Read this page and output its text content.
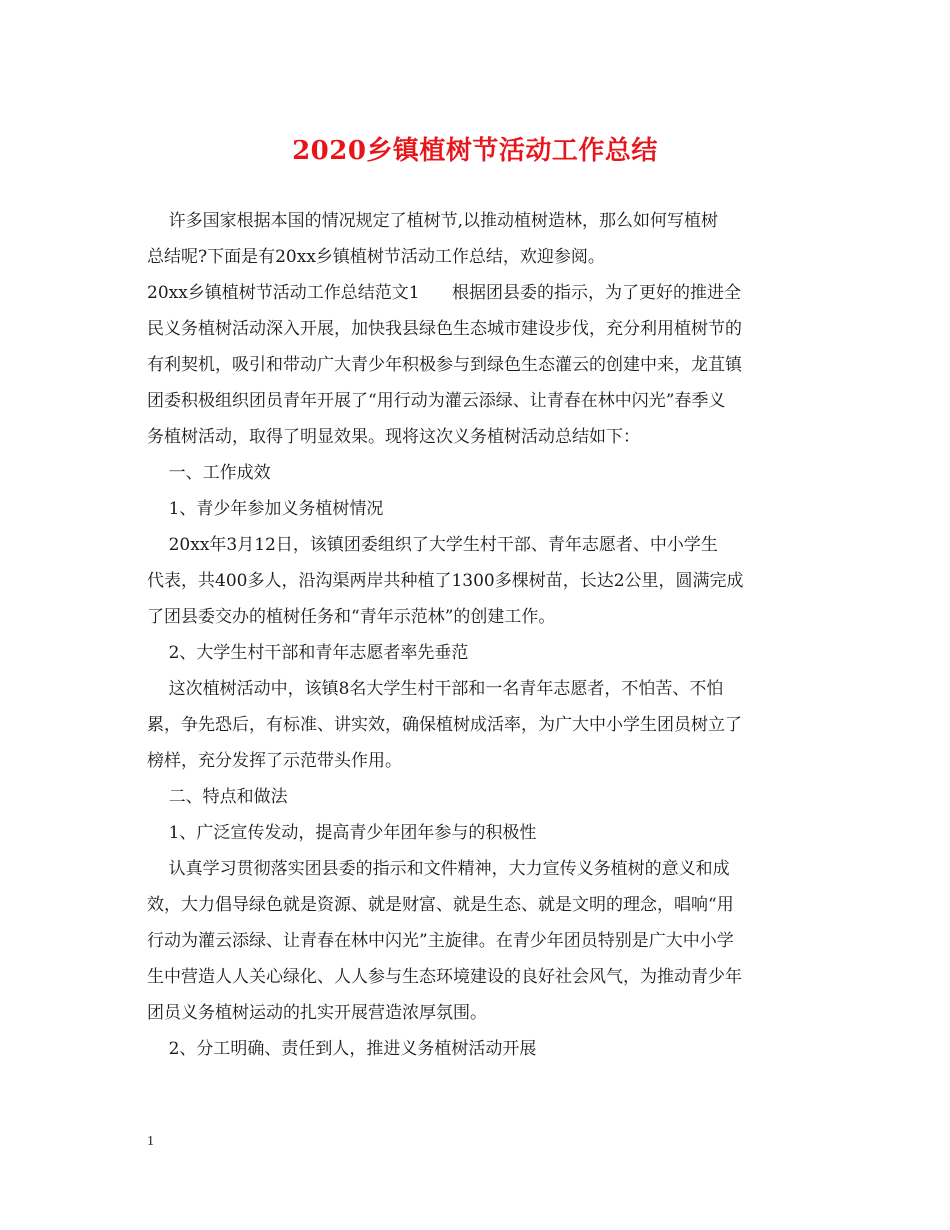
2020乡镇植树节活动工作总结
许多国家根据本国的情况规定了植树节,以推动植树造林，那么如何写植树
总结呢?下面是有20xx乡镇植树节活动工作总结，欢迎参阅。
20xx乡镇植树节活动工作总结范文1      根据团县委的指示，为了更好的推进全
民义务植树活动深入开展，加快我县绿色生态城市建设步伐，充分利用植树节的
有利契机，吸引和带动广大青少年积极参与到绿色生态灌云的创建中来，龙苴镇
团委积极组织团员青年开展了“用行动为灌云添绿、让青春在林中闪光”春季义
务植树活动，取得了明显效果。现将这次义务植树活动总结如下：
一、工作成效
1、青少年参加义务植树情况
20xx年3月12日，该镇团委组织了大学生村干部、青年志愿者、中小学生
代表，共400多人，沿沟渠两岸共种植了1300多棵树苗，长达2公里，圆满完成
了团县委交办的植树任务和“青年示范林”的创建工作。
2、大学生村干部和青年志愿者率先垂范
这次植树活动中，该镇8名大学生村干部和一名青年志愿者，不怕苦、不怕
累，争先恐后，有标准、讲实效，确保植树成活率，为广大中小学生团员树立了
榜样，充分发挥了示范带头作用。
二、特点和做法
1、广泛宣传发动，提高青少年团年参与的积极性
认真学习贯彻落实团县委的指示和文件精神，大力宣传义务植树的意义和成
效，大力倡导绿色就是资源、就是财富、就是生态、就是文明的理念，唱响“用
行动为灌云添绿、让青春在林中闪光”主旋律。在青少年团员特别是广大中小学
生中营造人人关心绿化、人人参与生态环境建设的良好社会风气，为推动青少年
团员义务植树运动的扎实开展营造浓厚氛围。
2、分工明确、责任到人，推进义务植树活动开展
1
